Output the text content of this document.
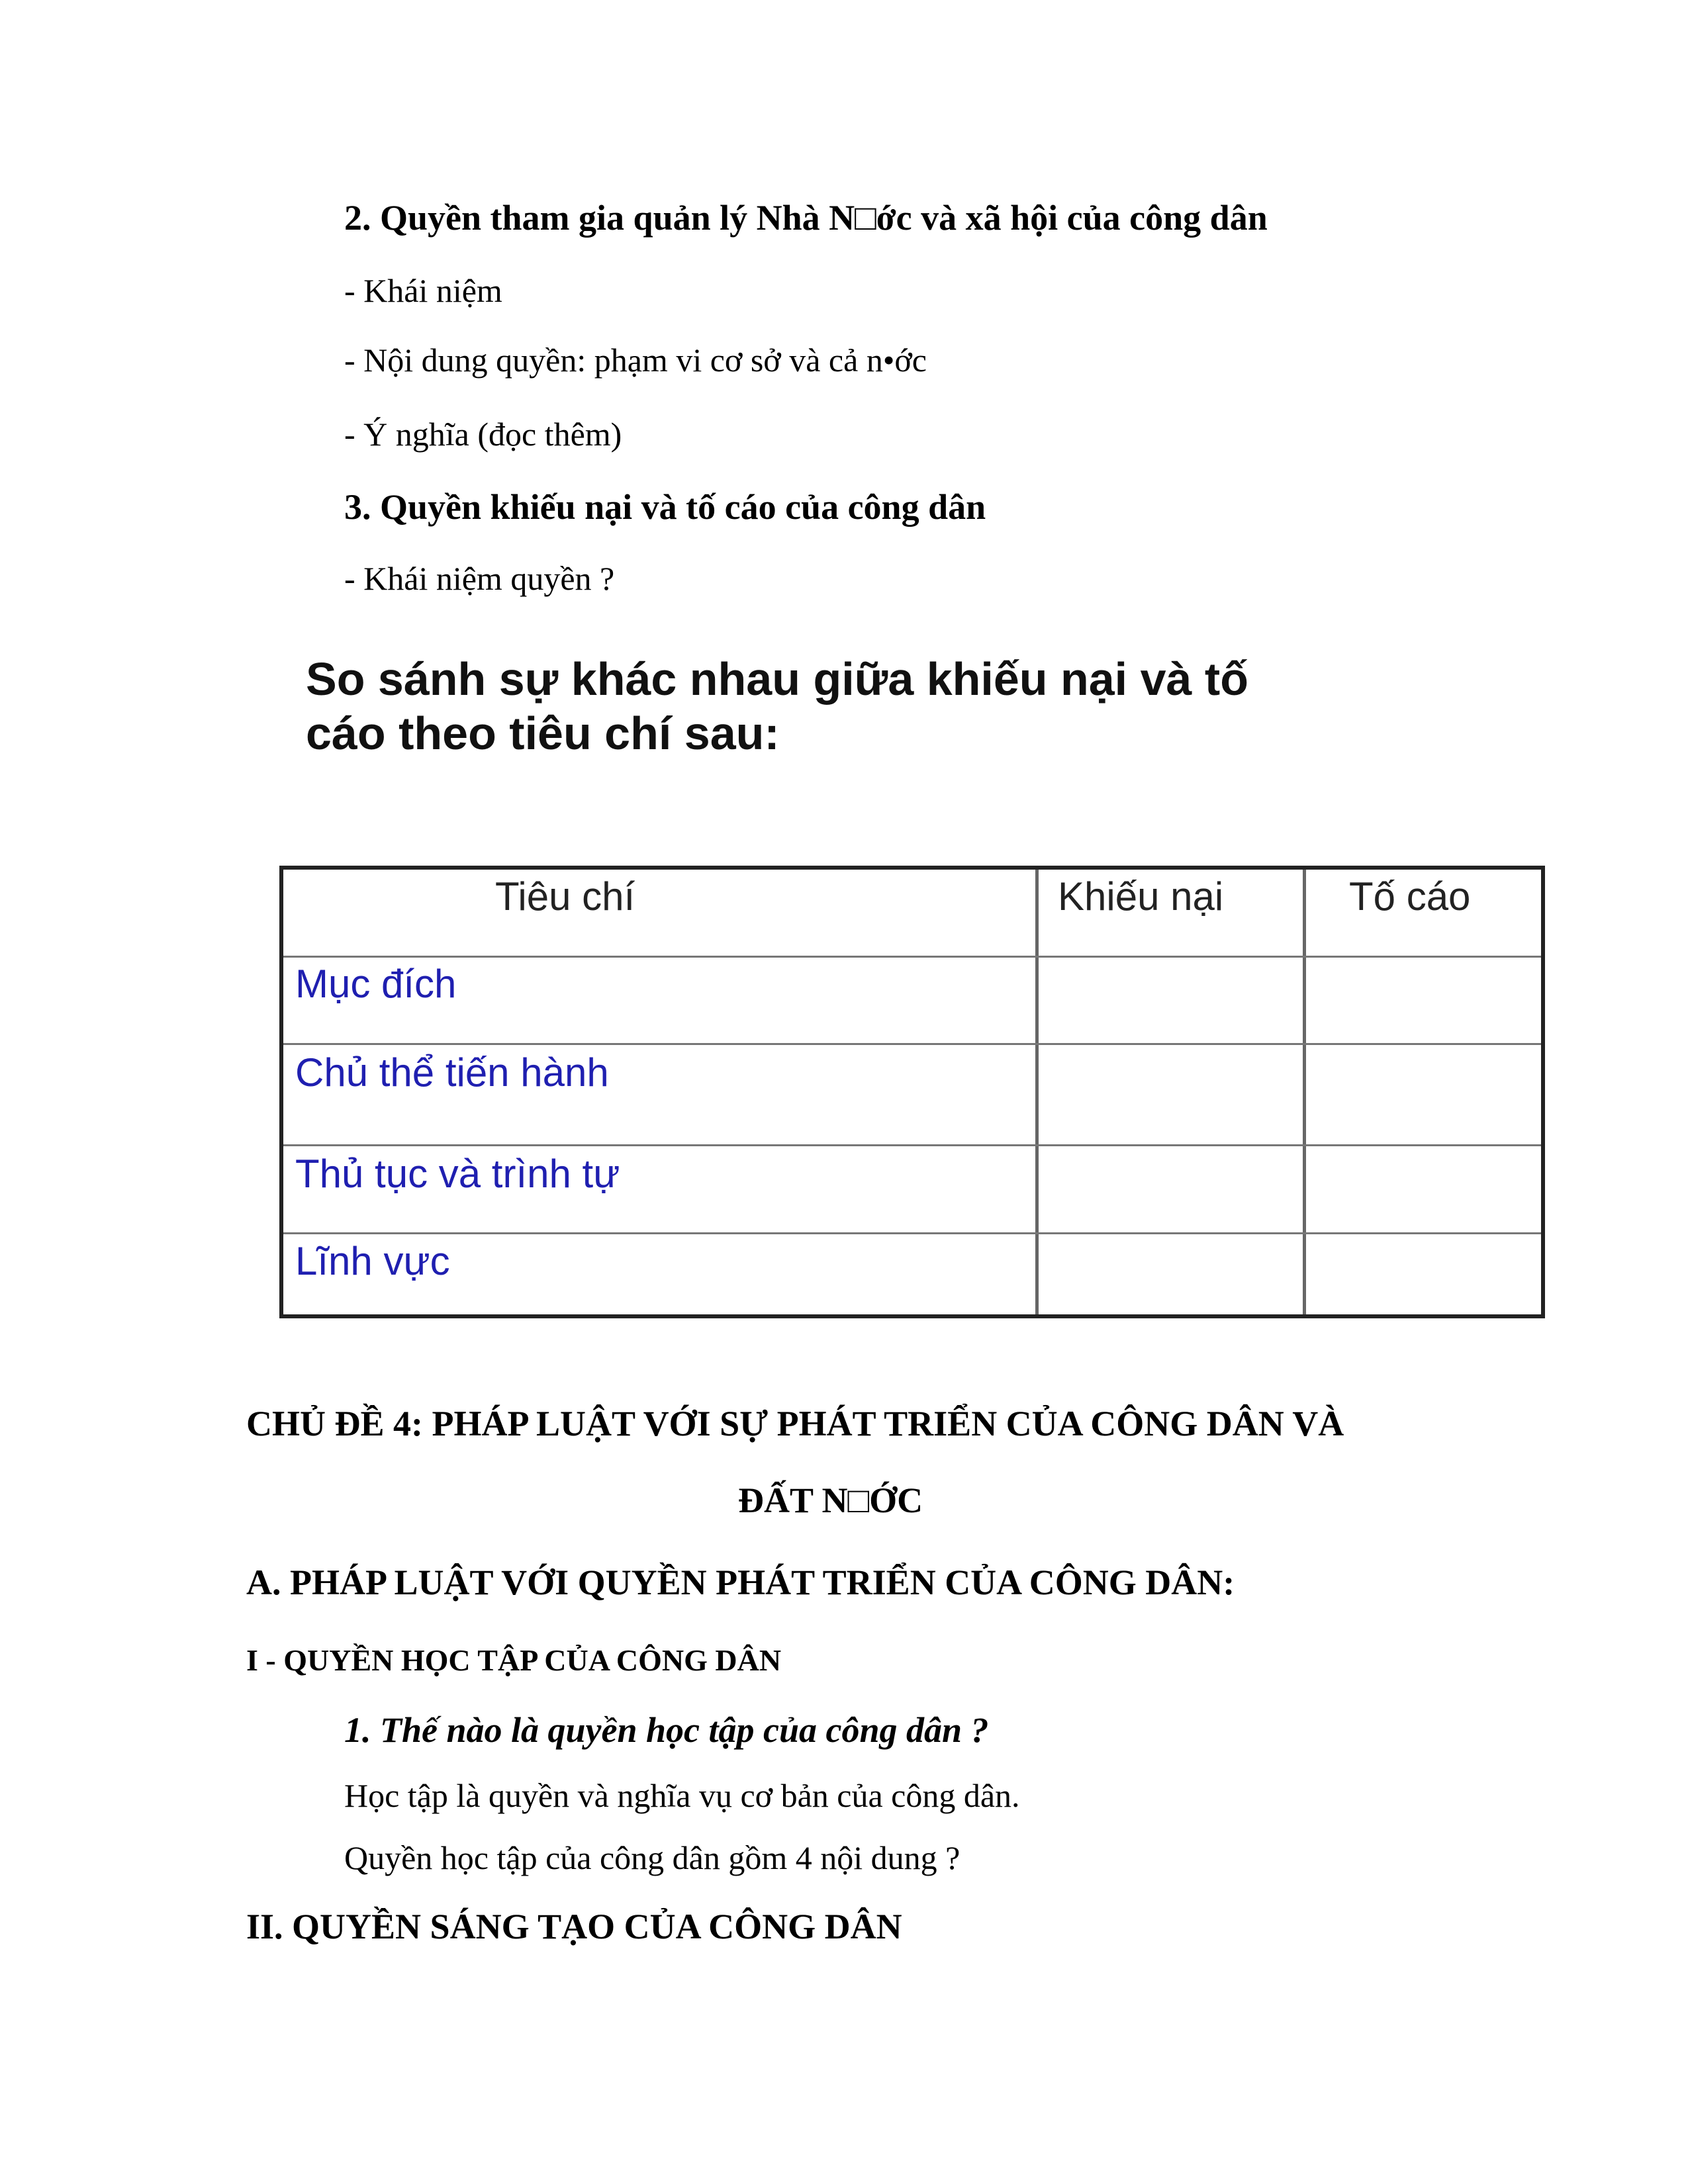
2. Quyền tham gia quản lý Nhà N□ớc và xã hội của công dân
- Khái niệm
- Nội dung quyền: phạm vi cơ sở và cả n•ớc
- Ý nghĩa (đọc thêm)
3. Quyền khiếu nại và tố cáo của công dân
- Khái niệm quyền ?
So sánh sự khác nhau giữa khiếu nại và tố
cáo theo tiêu chí sau:
Tiêu chí	Khiếu nại	Tố cáo
Mục đích
Chủ thể tiến hành
Thủ tục và trình tự
Lĩnh vực
CHỦ ĐỀ 4: PHÁP LUẬT VỚI SỰ PHÁT TRIỂN CỦA CÔNG DÂN VÀ
ĐẤT N□ỚC
A. PHÁP LUẬT VỚI QUYỀN PHÁT TRIỂN CỦA CÔNG DÂN:
I - QUYỀN HỌC TẬP CỦA CÔNG DÂN
1. Thế nào là quyền học tập của công dân ?
Học tập là quyền và nghĩa vụ cơ bản của công dân.
Quyền học tập của công dân gồm 4 nội dung ?
II. QUYỀN SÁNG TẠO CỦA CÔNG DÂN
